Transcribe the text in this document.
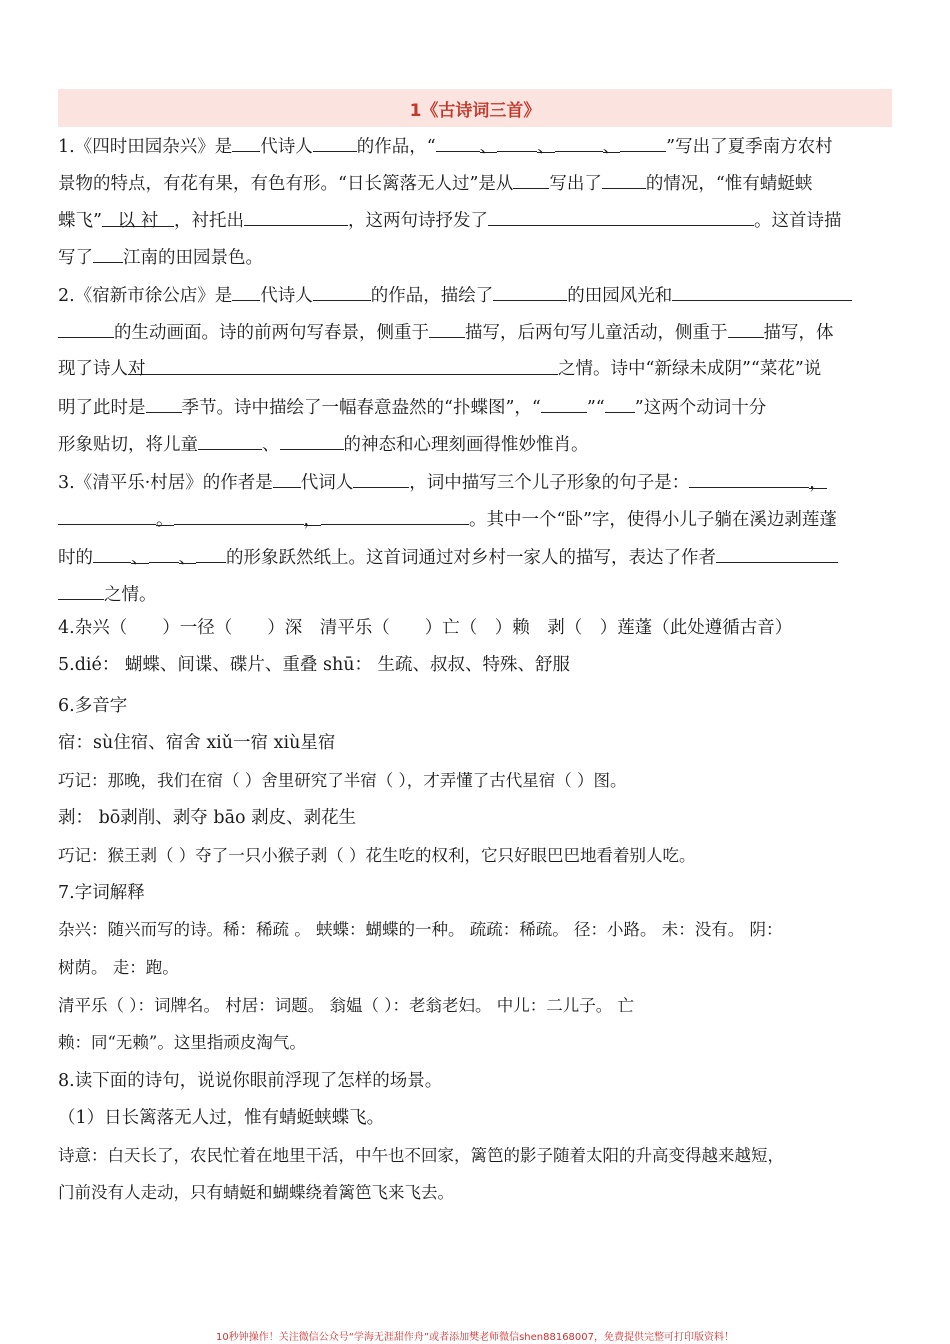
1《古诗词三首》
1.《四时田园杂兴》是 代诗人	的作品，“	、 、	、	”写出了夏季南方农村
景物的特点，有花有果，有色有形。“日长篱落无人过”是从 写出了	的情况，“惟有蜻蜓蛱
蝶飞” 以 衬 ，衬托出	，这两句诗抒发了	。这首诗描
写了 江南的田园景色。
2.《宿新市徐公店》是 代诗人	的作品，描绘了	的田园风光和
的生动画面。诗的前两句写春景，侧重于 描写，后两句写儿童活动，侧重于 描写，体
现了诗人对	之情。诗中“新绿未成阴”“菜花”说
明了此时是 季节。诗中描绘了一幅春意盎然的“扑蝶图”，“	”“ ”这两个动词十分
形象贴切，将儿童	、	的神态和心理刻画得惟妙惟肖。
3.《清平乐·村居》的作者是 代词人	，词中描写三个儿子形象的句子是：	，
。	，	。其中一个“卧”字，使得小儿子躺在溪边剥莲蓬
时的 、 、 的形象跃然纸上。这首词通过对乡村一家人的描写，表达了作者
之情。
4.杂兴（　　）一径（　　）深　清平乐（　　）亡（　）赖　剥（　）莲蓬（此处遵循古音）
5.dié： 蝴蝶、间谍、碟片、重叠 shū： 生疏、叔叔、特殊、舒服
6.多音字
宿：sù住宿、宿舍 xiǔ一宿 xiù星宿
巧记：那晚，我们在宿（ ）舍里研究了半宿（ ），才弄懂了古代星宿（ ）图。
剥： bō剥削、剥夺 bāo 剥皮、剥花生
巧记：猴王剥（ ）夺了一只小猴子剥（ ）花生吃的权利，它只好眼巴巴地看着别人吃。
7.字词解释
杂兴：随兴而写的诗。稀：稀疏 。 蛱蝶：蝴蝶的一种。 疏疏：稀疏。 径：小路。 未：没有。 阴：
树荫。 走：跑。
清平乐（ ）：词牌名。 村居：词题。 翁媪（ ）：老翁老妇。 中儿：二儿子。 亡
赖：同“无赖”。这里指顽皮淘气。
8.读下面的诗句，说说你眼前浮现了怎样的场景。
（1）日长篱落无人过，惟有蜻蜓蛱蝶飞。
诗意：白天长了，农民忙着在地里干活，中午也不回家，篱笆的影子随着太阳的升高变得越来越短，
门前没有人走动，只有蜻蜓和蝴蝶绕着篱笆飞来飞去。
10秒钟操作！关注微信公众号“学海无涯甜作舟”或者添加樊老师微信shen88168007，免费提供完整可打印版资料！
